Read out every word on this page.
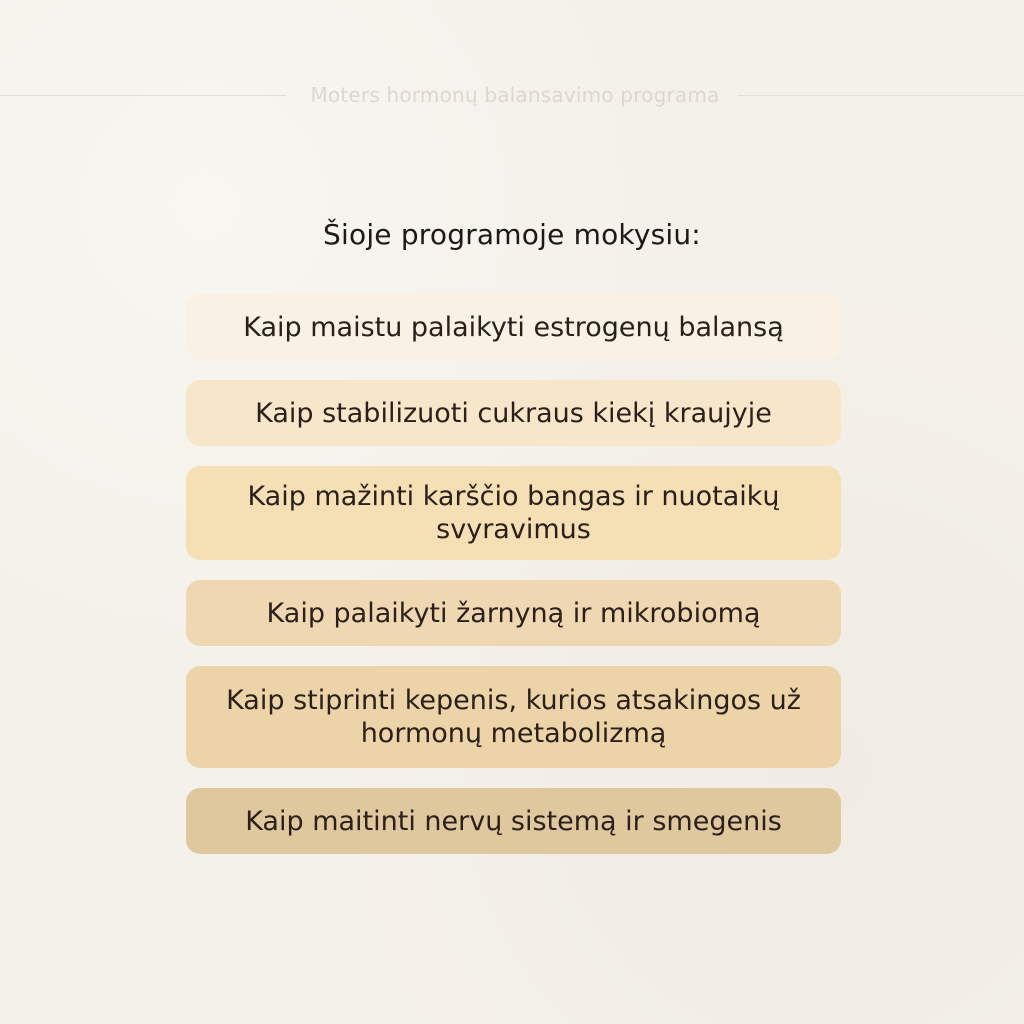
Moters hormonų balansavimo programa
Šioje programoje mokysiu:
Kaip maistu palaikyti estrogenų balansą
Kaip stabilizuoti cukraus kiekį kraujyje
Kaip mažinti karščio bangas ir nuotaikų svyravimus
Kaip palaikyti žarnyną ir mikrobiomą
Kaip stiprinti kepenis, kurios atsakingos už hormonų metabolizmą
Kaip maitinti nervų sistemą ir smegenis
